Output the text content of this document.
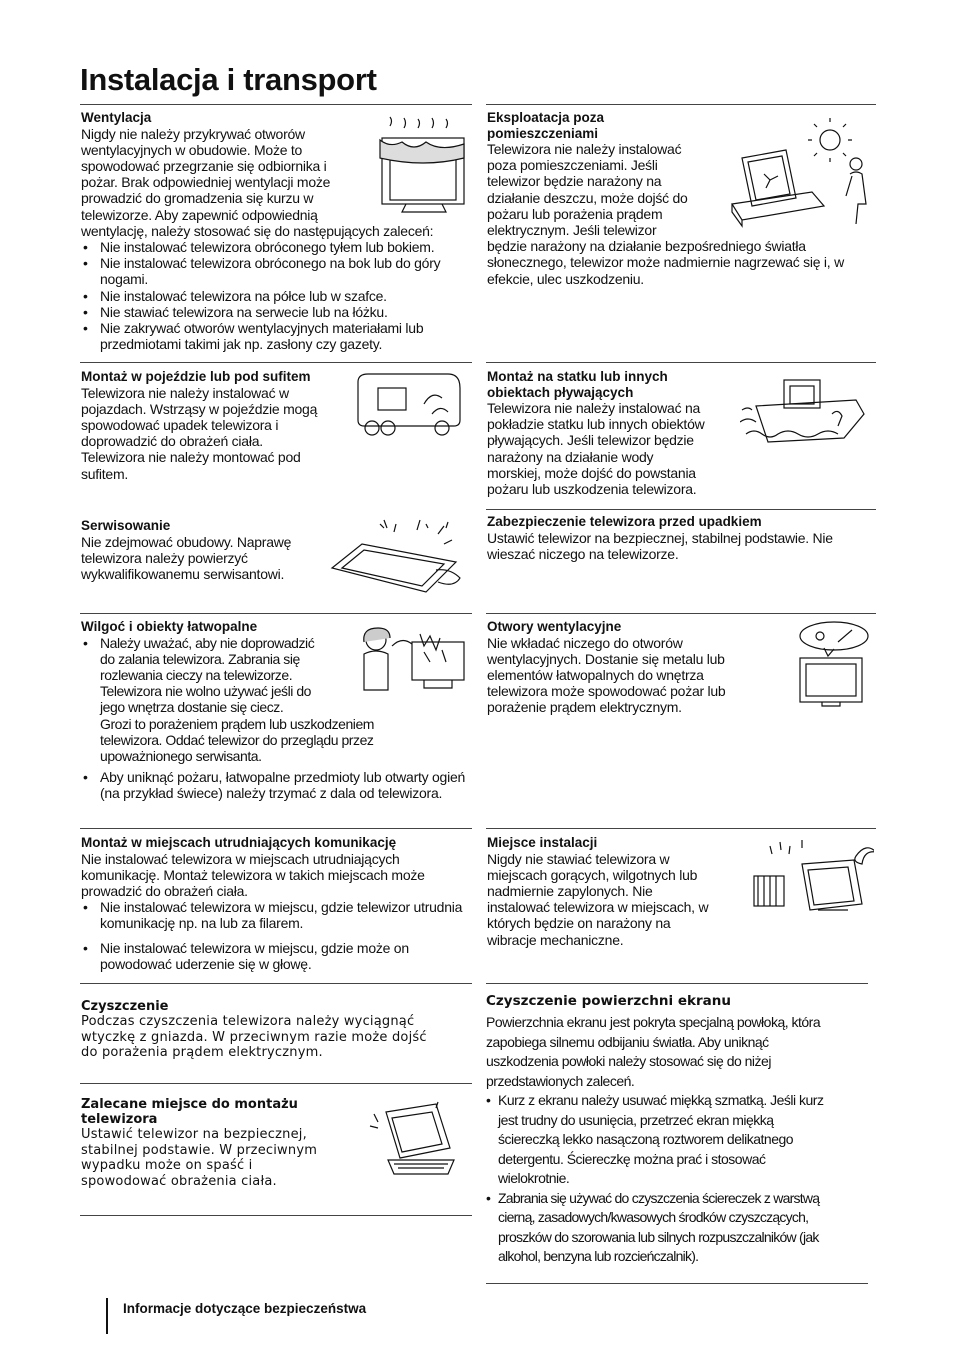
Instalacja i transport

Wentylacja

Nigdy nie należy przykrywać otworów

wentylacyjnych w obudowie. Może to

spowodować przegrzanie się odbiornika i

pożar. Brak odpowiedniej wentylacji może

prowadzić do gromadzenia się kurzu w

telewizorze. Aby zapewnić odpowiednią

wentylację, należy stosować się do następujących zaleceń:

• Nie instalować telewizora obróconego tyłem lub bokiem.
• Nie instalować telewizora obróconego na bok lub do góry nogami.
• Nie instalować telewizora na półce lub w szafce.
• Nie stawiać telewizora na serwecie lub na łóżku.
• Nie zakrywać otworów wentylacyjnych materiałami lub przedmiotami takimi jak np. zasłony czy gazety.

Montaż w pojeździe lub pod sufitem

Telewizora nie należy instalować w

pojazdach. Wstrząsy w pojeździe mogą

spowodować upadek telewizora i

doprowadzić do obrażeń ciała.

Telewizora nie należy montować pod

sufitem.

Serwisowanie

Nie zdejmować obudowy. Naprawę

telewizora należy powierzyć

wykwalifikowanemu serwisantowi.

Wilgoć i obiekty łatwopalne

• Należy uważać, aby nie doprowadzić
do zalania telewizora. Zabrania się
rozlewania cieczy na telewizorze.
Telewizora nie wolno używać jeśli do
jego wnętrza dostanie się ciecz.
Grozi to porażeniem prądem lub uszkodzeniem
telewizora. Oddać telewizor do przeglądu przez
upoważnionego serwisanta.
• Aby uniknąć pożaru, łatwopalne przedmioty lub otwarty ogień (na przykład świece) należy trzymać z dala od telewizora.

Montaż w miejscach utrudniających komunikację

Nie instalować telewizora w miejscach utrudniających komunikację. Montaż telewizora w takich miejscach może prowadzić do obrażeń ciała.

• Nie instalować telewizora w miejscu, gdzie telewizor utrudnia komunikację np. na lub za filarem.
• Nie instalować telewizora w miejscu, gdzie może on powodować uderzenie się w głowę.

Czyszczenie

Podczas czyszczenia telewizora należy wyciągnąć

wtyczkę z gniazda. W przeciwnym razie może dojść

do porażenia prądem elektrycznym.

Zalecane miejsce do montażu

telewizora

Ustawić telewizor na bezpiecznej,

stabilnej podstawie. W przeciwnym

wypadku może on spaść i

spowodować obrażenia ciała.

Eksploatacja poza

pomieszczeniami

Telewizora nie należy instalować

poza pomieszczeniami. Jeśli

telewizor będzie narażony na

działanie deszczu, może dojść do

pożaru lub porażenia prądem

elektrycznym. Jeśli telewizor

będzie narażony na działanie bezpośredniego światła słonecznego, telewizor może nadmiernie nagrzewać się i, w efekcie, ulec uszkodzeniu.

Montaż na statku lub innych

obiektach pływających

Telewizora nie należy instalować na

pokładzie statku lub innych obiektów

pływających. Jeśli telewizor będzie

narażony na działanie wody

morskiej, może dojść do powstania

pożaru lub uszkodzenia telewizora.

Zabezpieczenie telewizora przed upadkiem

Ustawić telewizor na bezpiecznej, stabilnej podstawie. Nie wieszać niczego na telewizorze.

Otwory wentylacyjne

Nie wkładać niczego do otworów

wentylacyjnych. Dostanie się metalu lub

elementów łatwopalnych do wnętrza

telewizora może spowodować pożar lub

porażenie prądem elektrycznym.

Miejsce instalacji

Nigdy nie stawiać telewizora w

miejscach gorących, wilgotnych lub

nadmiernie zapylonych. Nie

instalować telewizora w miejscach, w

których będzie on narażony na

wibracje mechaniczne.

Czyszczenie powierzchni ekranu

Powierzchnia ekranu jest pokryta specjalną powłoką, która

zapobiega silnemu odbijaniu światła. Aby uniknąć

uszkodzenia powłoki należy stosować się do niżej

przedstawionych zaleceń.

• Kurz z ekranu należy usuwać miękką szmatką. Jeśli kurz
jest trudny do usunięcia, przetrzeć ekran miękką
ściereczką lekko nasączoną roztworem delikatnego
detergentu. Ściereczkę można prać i stosować
wielokrotnie.
• Zabrania się używać do czyszczenia ściereczek z warstwą
cierną, zasadowych/kwasowych środków czyszczących,
proszków do szorowania lub silnych rozpuszczalników (jak
alkohol, benzyna lub rozcieńczalnik).
Informacje dotyczące bezpieczeństwa
